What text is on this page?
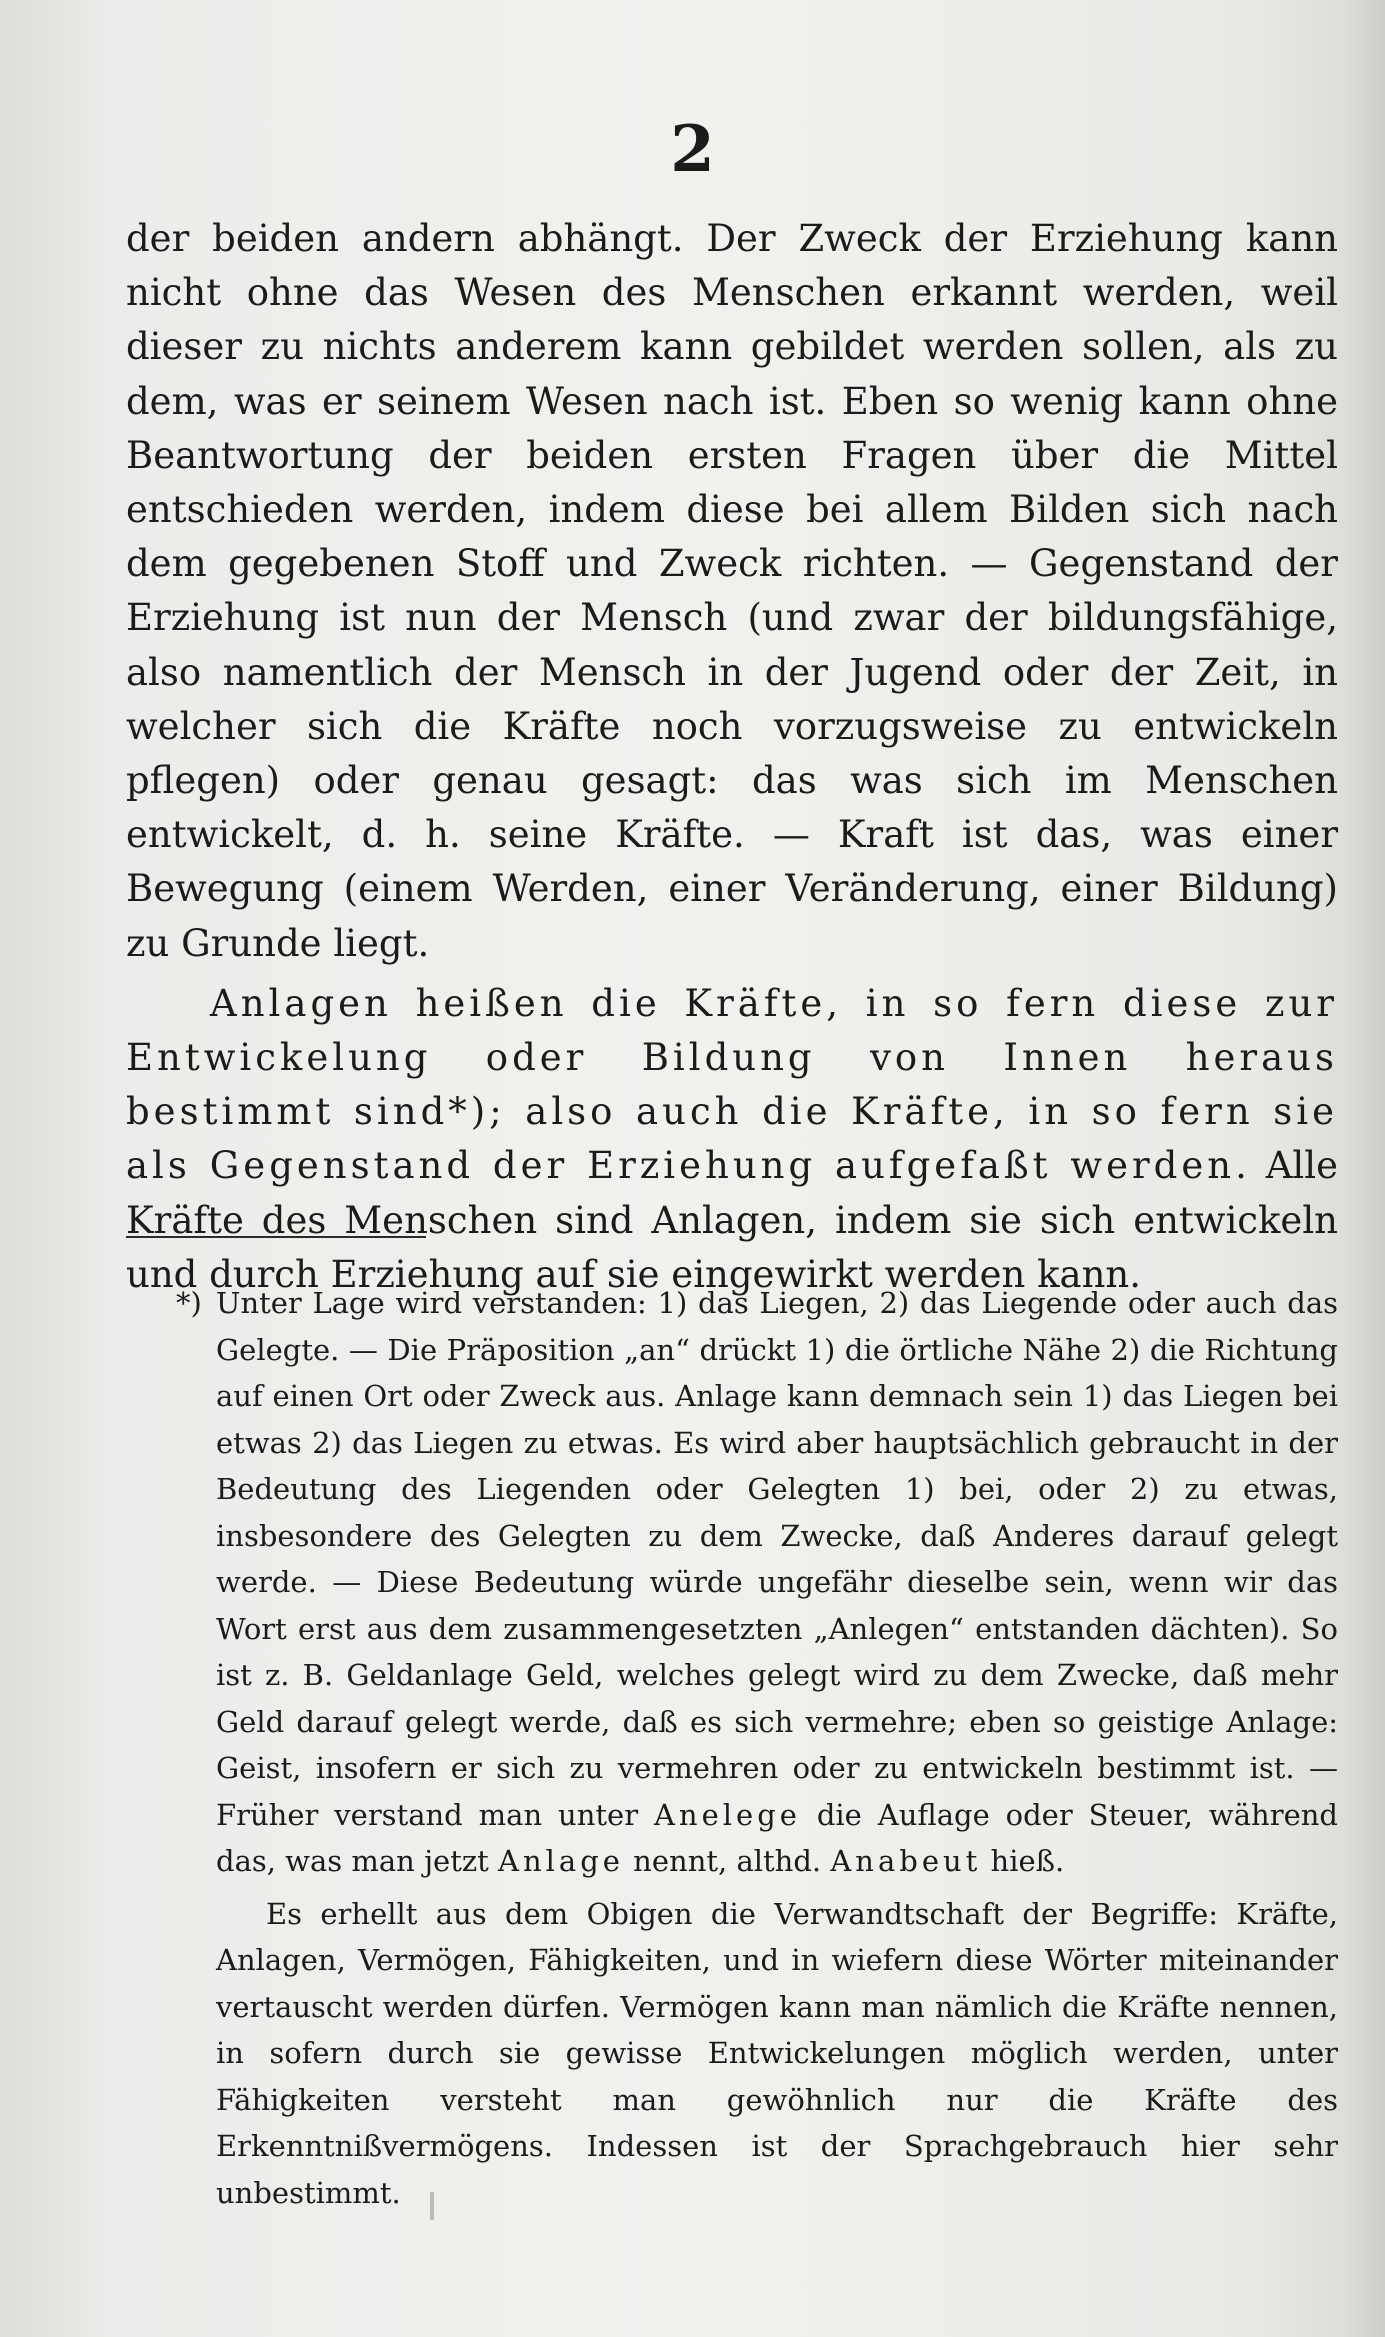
2

der beiden andern abhängt. Der Zweck der Erziehung kann nicht ohne das Wesen des Menschen erkannt werden, weil dieser zu nichts anderem kann gebildet werden sollen, als zu dem, was er seinem Wesen nach ist. Eben so wenig kann ohne Beantwortung der beiden ersten Fragen über die Mittel entschieden werden, indem diese bei allem Bilden sich nach dem gegebenen Stoff und Zweck richten. — Gegenstand der Erziehung ist nun der Mensch (und zwar der bildungsfähige, also namentlich der Mensch in der Jugend oder der Zeit, in welcher sich die Kräfte noch vorzugsweise zu entwickeln pflegen) oder genau gesagt: das was sich im Menschen entwickelt, d. h. seine Kräfte. — Kraft ist das, was einer Bewegung (einem Werden, einer Veränderung, einer Bildung) zu Grunde liegt.

Anlagen heißen die Kräfte, in so fern diese zur Entwickelung oder Bildung von Innen heraus bestimmt sind*); also auch die Kräfte, in so fern sie als Gegenstand der Erziehung aufgefaßt werden. Alle Kräfte des Menschen sind Anlagen, indem sie sich entwickeln und durch Erziehung auf sie eingewirkt werden kann.

*) Unter Lage wird verstanden: 1) das Liegen, 2) das Liegende oder auch das Gelegte. — Die Präposition „an“ drückt 1) die örtliche Nähe 2) die Richtung auf einen Ort oder Zweck aus. Anlage kann demnach sein 1) das Liegen bei etwas 2) das Liegen zu etwas. Es wird aber hauptsächlich gebraucht in der Bedeutung des Liegenden oder Gelegten 1) bei, oder 2) zu etwas, insbesondere des Gelegten zu dem Zwecke, daß Anderes darauf gelegt werde. — Diese Bedeutung würde ungefähr dieselbe sein, wenn wir das Wort erst aus dem zusammengesetzten „Anlegen“ entstanden dächten). So ist z. B. Geldanlage Geld, welches gelegt wird zu dem Zwecke, daß mehr Geld darauf gelegt werde, daß es sich vermehre; eben so geistige Anlage: Geist, insofern er sich zu vermehren oder zu entwickeln bestimmt ist. — Früher verstand man unter Anelege die Auflage oder Steuer, während das, was man jetzt Anlage nennt, althd. Anabeut hieß.

Es erhellt aus dem Obigen die Verwandtschaft der Begriffe: Kräfte, Anlagen, Vermögen, Fähigkeiten, und in wiefern diese Wörter miteinander vertauscht werden dürfen. Vermögen kann man nämlich die Kräfte nennen, in sofern durch sie gewisse Entwickelungen möglich werden, unter Fähigkeiten versteht man gewöhnlich nur die Kräfte des Erkenntnißvermögens. Indessen ist der Sprachgebrauch hier sehr unbestimmt.
